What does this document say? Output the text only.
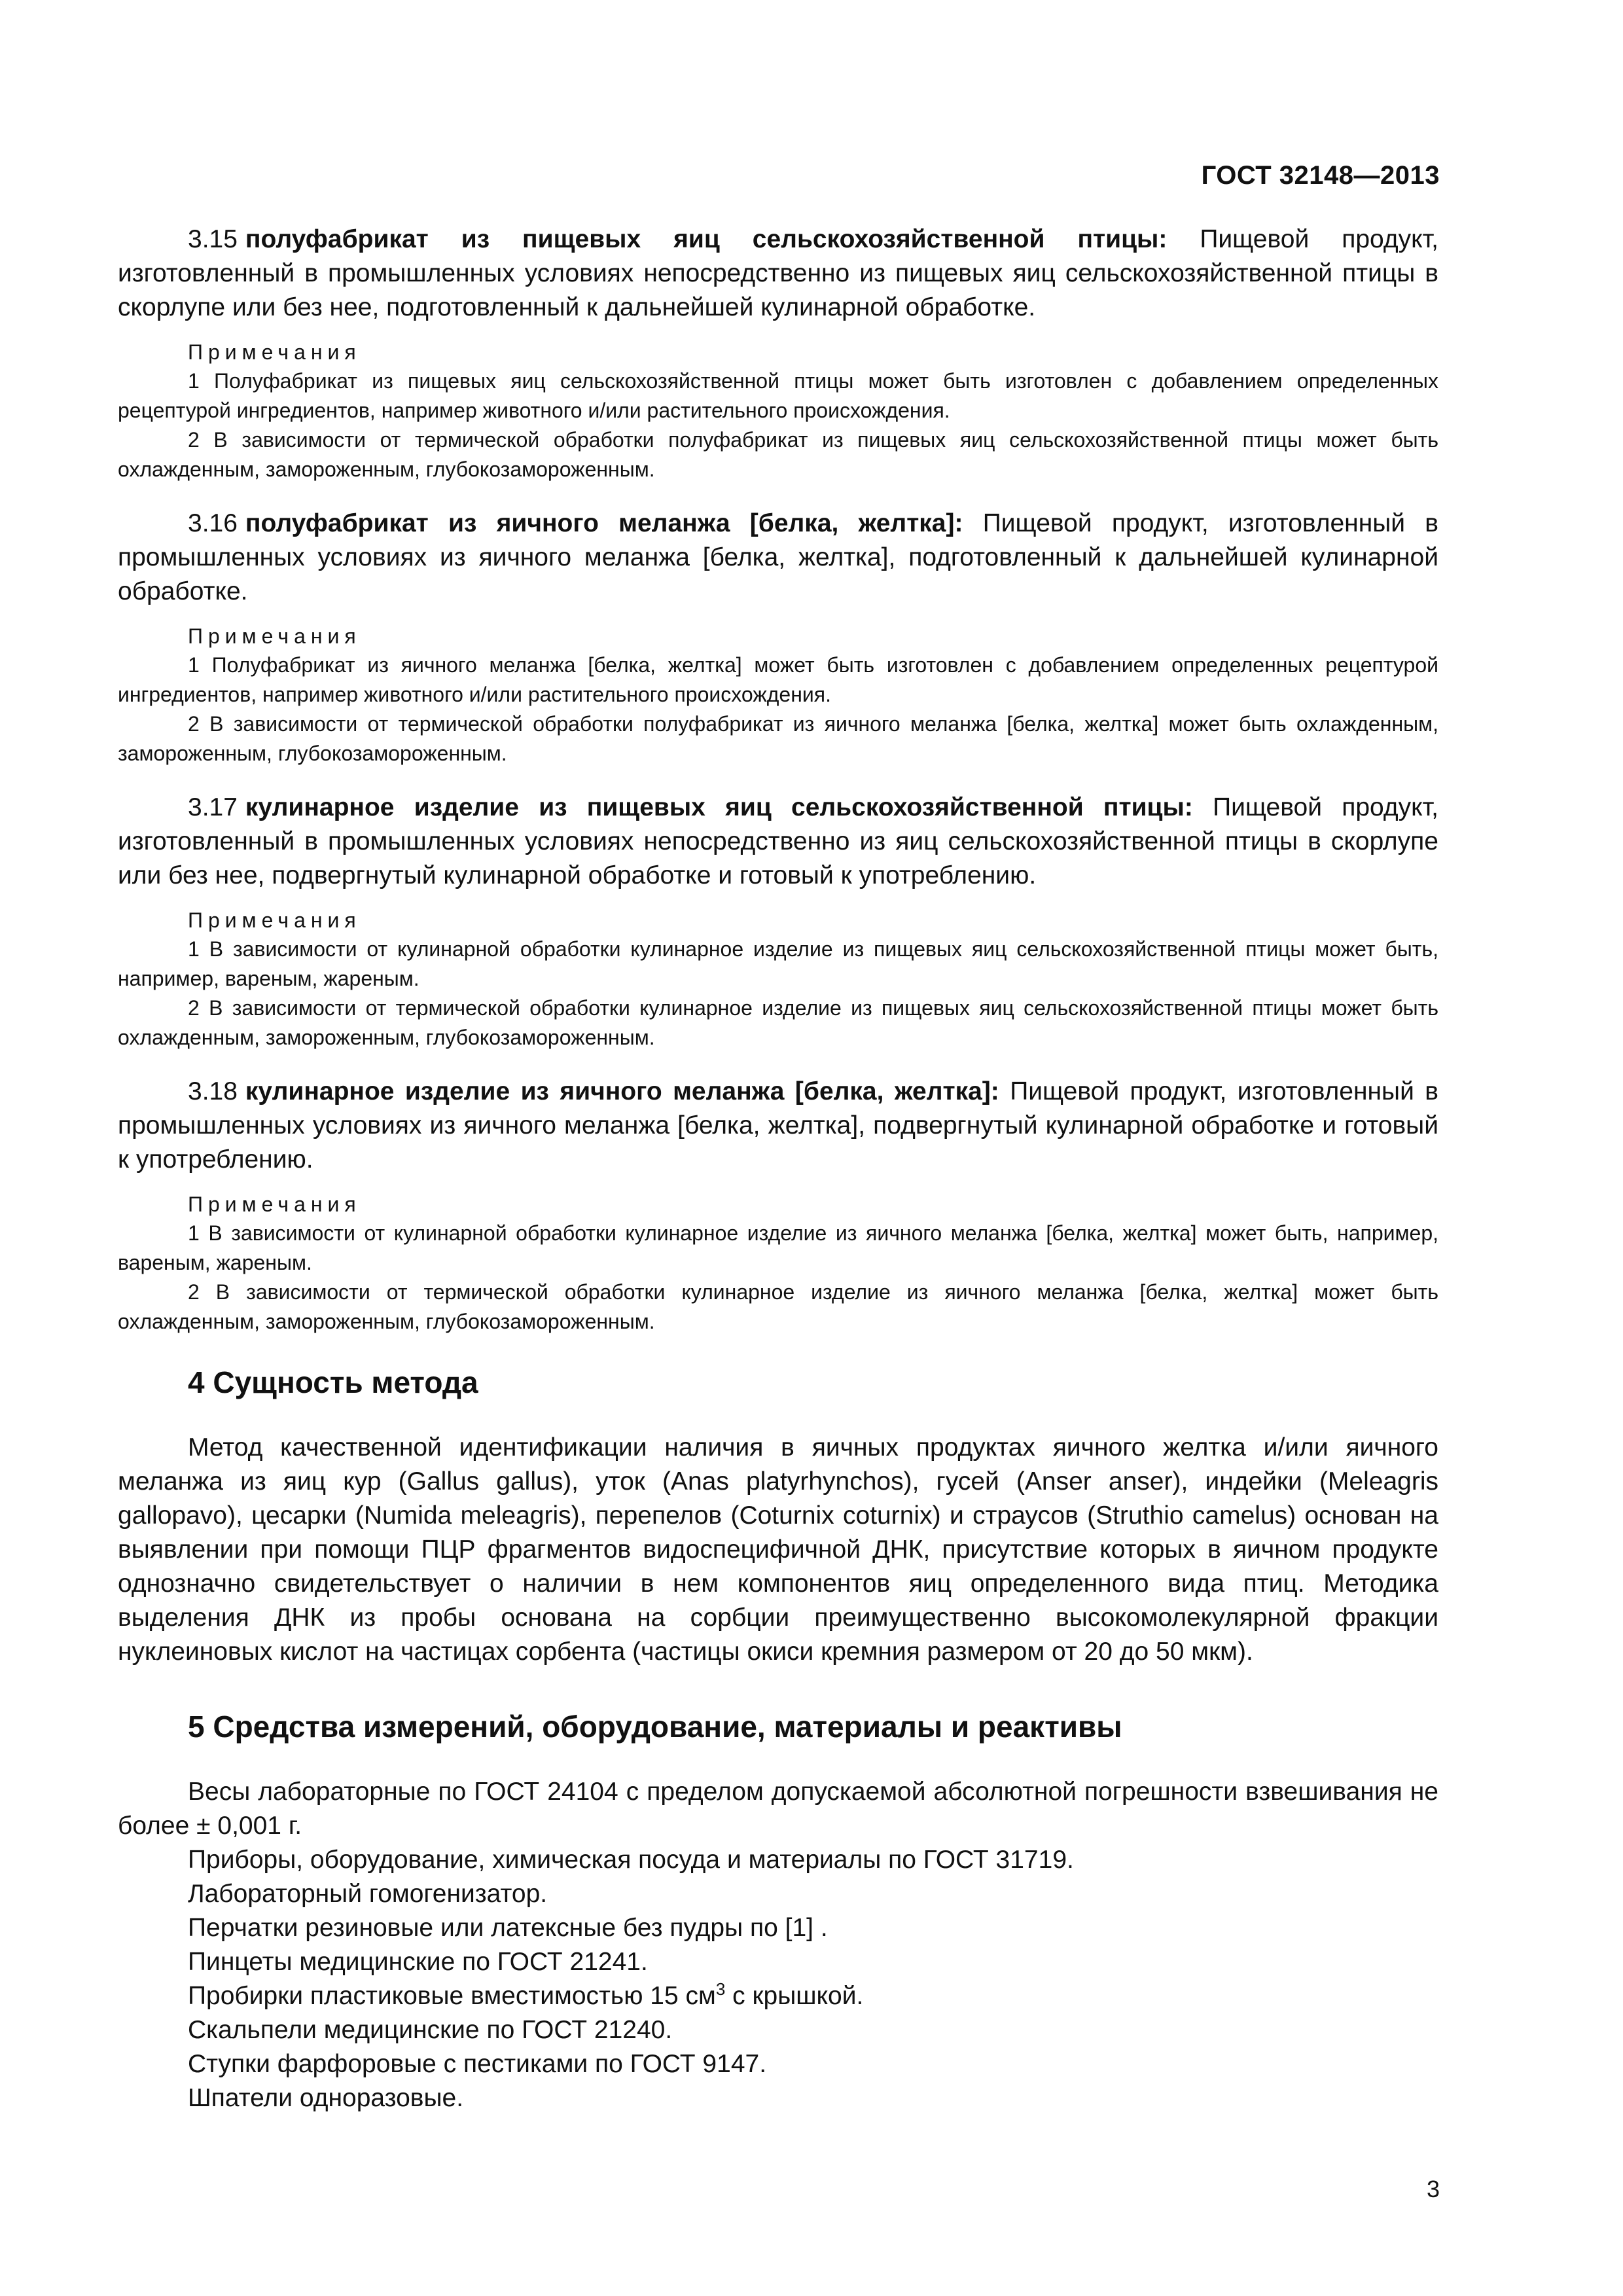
ГОСТ 32148—2013

3.15 полуфабрикат из пищевых яиц сельскохозяйственной птицы: Пищевой продукт, изготовленный в промышленных условиях непосредственно из пищевых яиц сельскохозяйственной птицы в скорлупе или без нее, подготовленный к дальнейшей кулинарной обработке.

Примечания

1 Полуфабрикат из пищевых яиц сельскохозяйственной птицы может быть изготовлен с добавлением определенных рецептурой ингредиентов, например животного и/или растительного происхождения.

2 В зависимости от термической обработки полуфабрикат из пищевых яиц сельскохозяйственной птицы может быть охлажденным, замороженным, глубокозамороженным.

3.16 полуфабрикат из яичного меланжа [белка, желтка]: Пищевой продукт, изготовленный в промышленных условиях из яичного меланжа [белка, желтка], подготовленный к дальнейшей кулинарной обработке.

Примечания

1 Полуфабрикат из яичного меланжа [белка, желтка] может быть изготовлен с добавлением определенных рецептурой ингредиентов, например животного и/или растительного происхождения.

2 В зависимости от термической обработки полуфабрикат из яичного меланжа [белка, желтка] может быть охлажденным, замороженным, глубокозамороженным.

3.17 кулинарное изделие из пищевых яиц сельскохозяйственной птицы: Пищевой продукт, изготовленный в промышленных условиях непосредственно из яиц сельскохозяйственной птицы в скорлупе или без нее, подвергнутый кулинарной обработке и готовый к употреблению.

Примечания

1 В зависимости от кулинарной обработки кулинарное изделие из пищевых яиц сельскохозяйственной птицы может быть, например, вареным, жареным.

2 В зависимости от термической обработки кулинарное изделие из пищевых яиц сельскохозяйственной птицы может быть охлажденным, замороженным, глубокозамороженным.

3.18 кулинарное изделие из яичного меланжа [белка, желтка]: Пищевой продукт, изготовленный в промышленных условиях из яичного меланжа [белка, желтка], подвергнутый кулинарной обработке и готовый к употреблению.

Примечания

1 В зависимости от кулинарной обработки кулинарное изделие из яичного меланжа [белка, желтка] может быть, например, вареным, жареным.

2 В зависимости от термической обработки кулинарное изделие из яичного меланжа [белка, желтка] может быть охлажденным, замороженным, глубокозамороженным.

4 Сущность метода

Метод качественной идентификации наличия в яичных продуктах яичного желтка и/или яичного меланжа из яиц кур (Gallus gallus), уток (Anas platyrhynchos), гусей (Anser anser), индейки (Meleagris gallopavo), цесарки (Numida meleagris), перепелов (Coturnix coturnix) и страусов (Struthio camelus) основан на выявлении при помощи ПЦР фрагментов видоспецифичной ДНК, присутствие которых в яичном продукте однозначно свидетельствует о наличии в нем компонентов яиц определенного вида птиц. Методика выделения ДНК из пробы основана на сорбции преимущественно высокомолекулярной фракции нуклеиновых кислот на частицах сорбента (частицы окиси кремния размером от 20 до 50 мкм).

5 Средства измерений, оборудование, материалы и реактивы

Весы лабораторные по ГОСТ 24104 с пределом допускаемой абсолютной погрешности взвешивания не более ± 0,001 г.

Приборы, оборудование, химическая посуда и материалы по ГОСТ 31719.

Лабораторный гомогенизатор.

Перчатки резиновые или латексные без пудры по [1] .

Пинцеты медицинские по ГОСТ 21241.

Пробирки пластиковые вместимостью 15 $см^3$ с крышкой.

Скальпели медицинские по ГОСТ 21240.

Ступки фарфоровые с пестиками по ГОСТ 9147.

Шпатели одноразовые.

3
